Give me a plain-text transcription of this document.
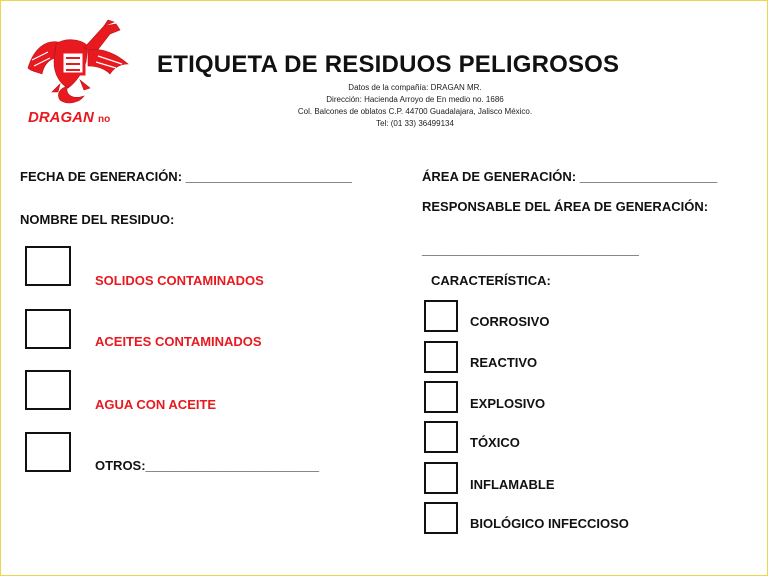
DRAGAN no
ETIQUETA DE RESIDUOS PELIGROSOS
Datos de la compañía: DRAGAN MR.
Dirección: Hacienda Arroyo de En medio no. 1686
Col. Balcones de oblatos C.P. 44700 Guadalajara, Jalisco México.
Tel: (01 33) 36499134
FECHA DE GENERACIÓN: _______________________	ÁREA DE GENERACIÓN: ___________________
NOMBRE DEL RESIDUO:
RESPONSABLE DEL ÁREA DE GENERACIÓN:
______________________________
SOLIDOS CONTAMINADOS
ACEITES CONTAMINADOS
AGUA CON ACEITE
OTROS:________________________
CARACTERÍSTICA:
CORROSIVO
REACTIVO
EXPLOSIVO
TÓXICO
INFLAMABLE
BIOLÓGICO INFECCIOSO
